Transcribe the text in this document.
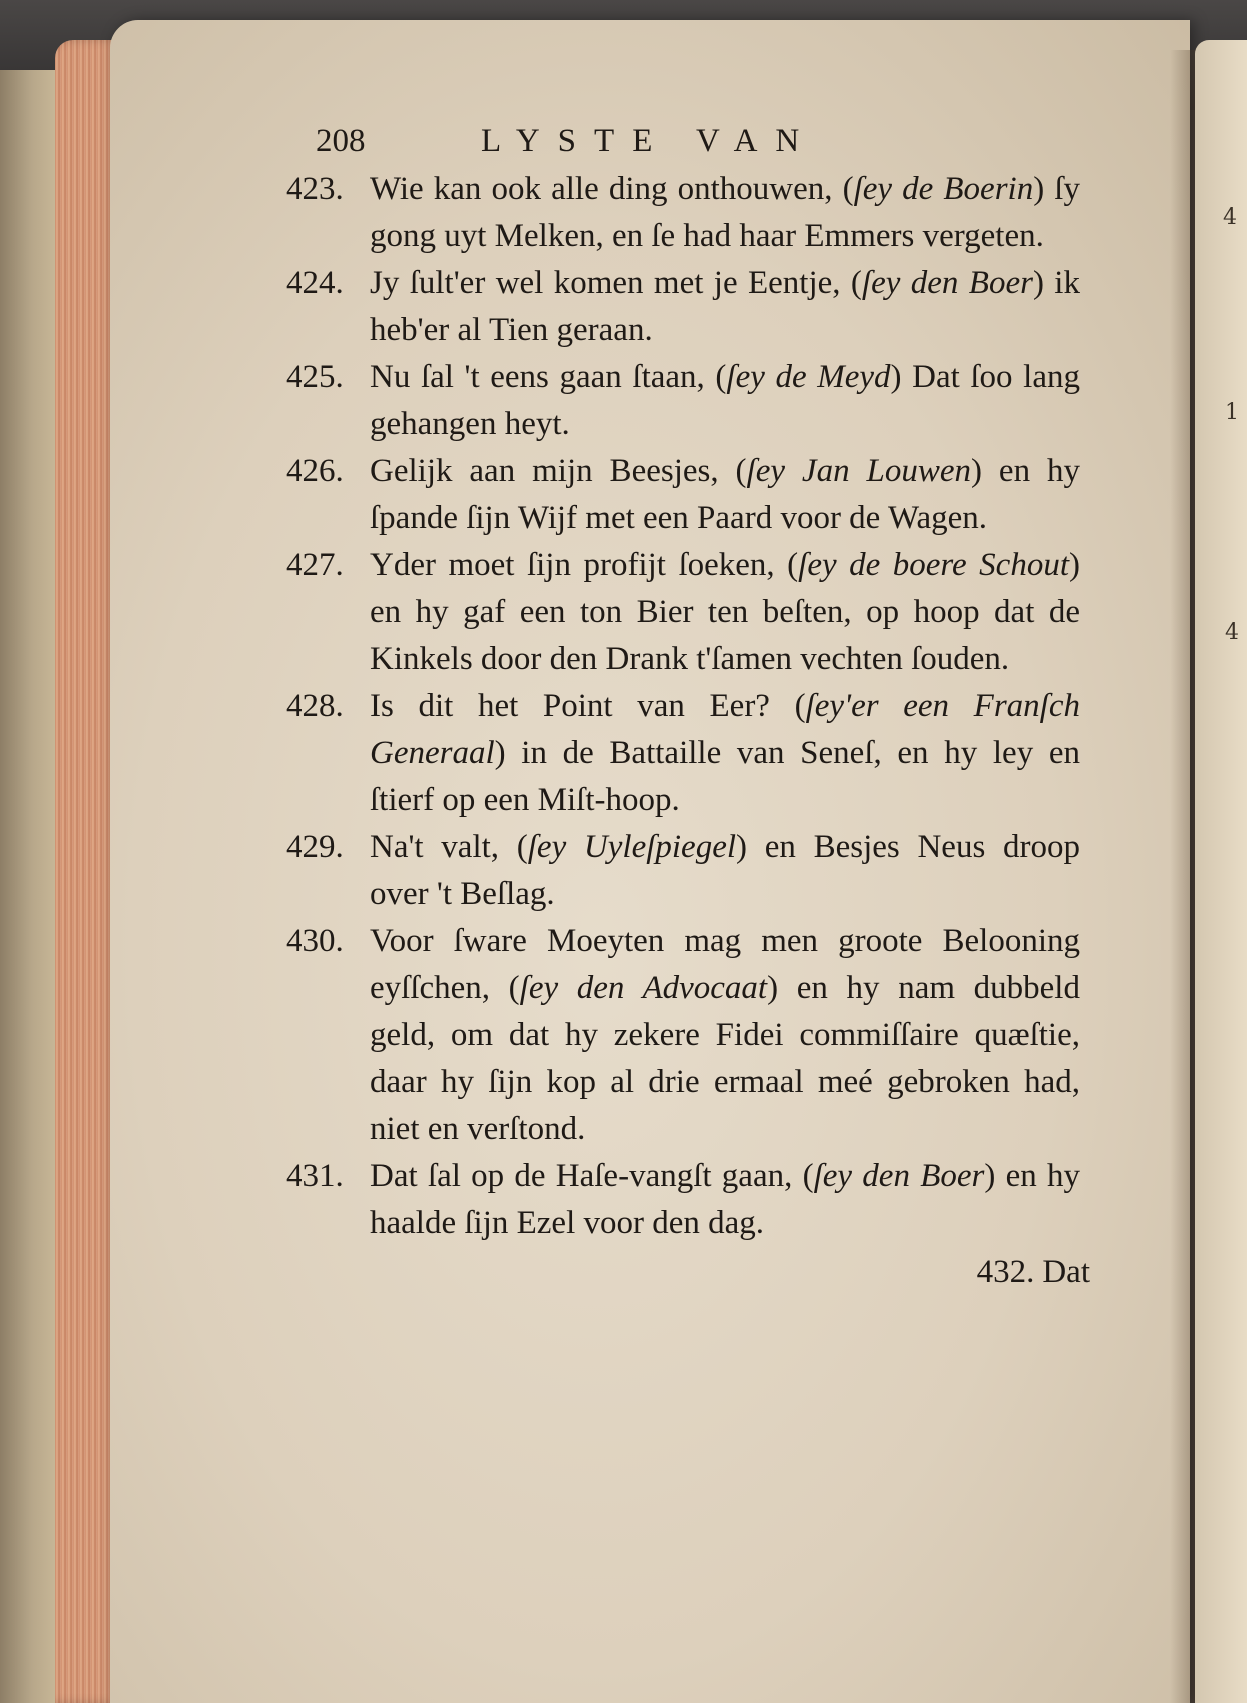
4
1
4
208	LYSTE VAN
423. Wie kan ook alle ding onthouwen, (ſey de Boerin) ſy gong uyt Melken, en ſe had haar Emmers vergeten.
424. Jy ſult'er wel komen met je Eentje, (ſey den Boer) ik heb'er al Tien geraan.
425. Nu ſal 't eens gaan ſtaan, (ſey de Meyd) Dat ſoo lang gehangen heyt.
426. Gelijk aan mijn Beesjes, (ſey Jan Louwen) en hy ſpande ſijn Wijf met een Paard voor de Wagen.
427. Yder moet ſijn profijt ſoeken, (ſey de boere Schout) en hy gaf een ton Bier ten beſten, op hoop dat de Kinkels door den Drank t'ſamen vechten ſouden.
428. Is dit het Point van Eer? (ſey'er een Franſch Generaal) in de Battaille van Seneſ, en hy ley en ſtierf op een Miſt-hoop.
429. Na't valt, (ſey Uyleſpiegel) en Besjes Neus droop over 't Beſlag.
430. Voor ſware Moeyten mag men groote Belooning eyſſchen, (ſey den Advocaat) en hy nam dubbeld geld, om dat hy zekere Fidei commiſſaire quæſtie, daar hy ſijn kop al drie ermaal meé gebroken had, niet en verſtond.
431. Dat ſal op de Haſe-vangſt gaan, (ſey den Boer) en hy haalde ſijn Ezel voor den dag.
432. Dat
